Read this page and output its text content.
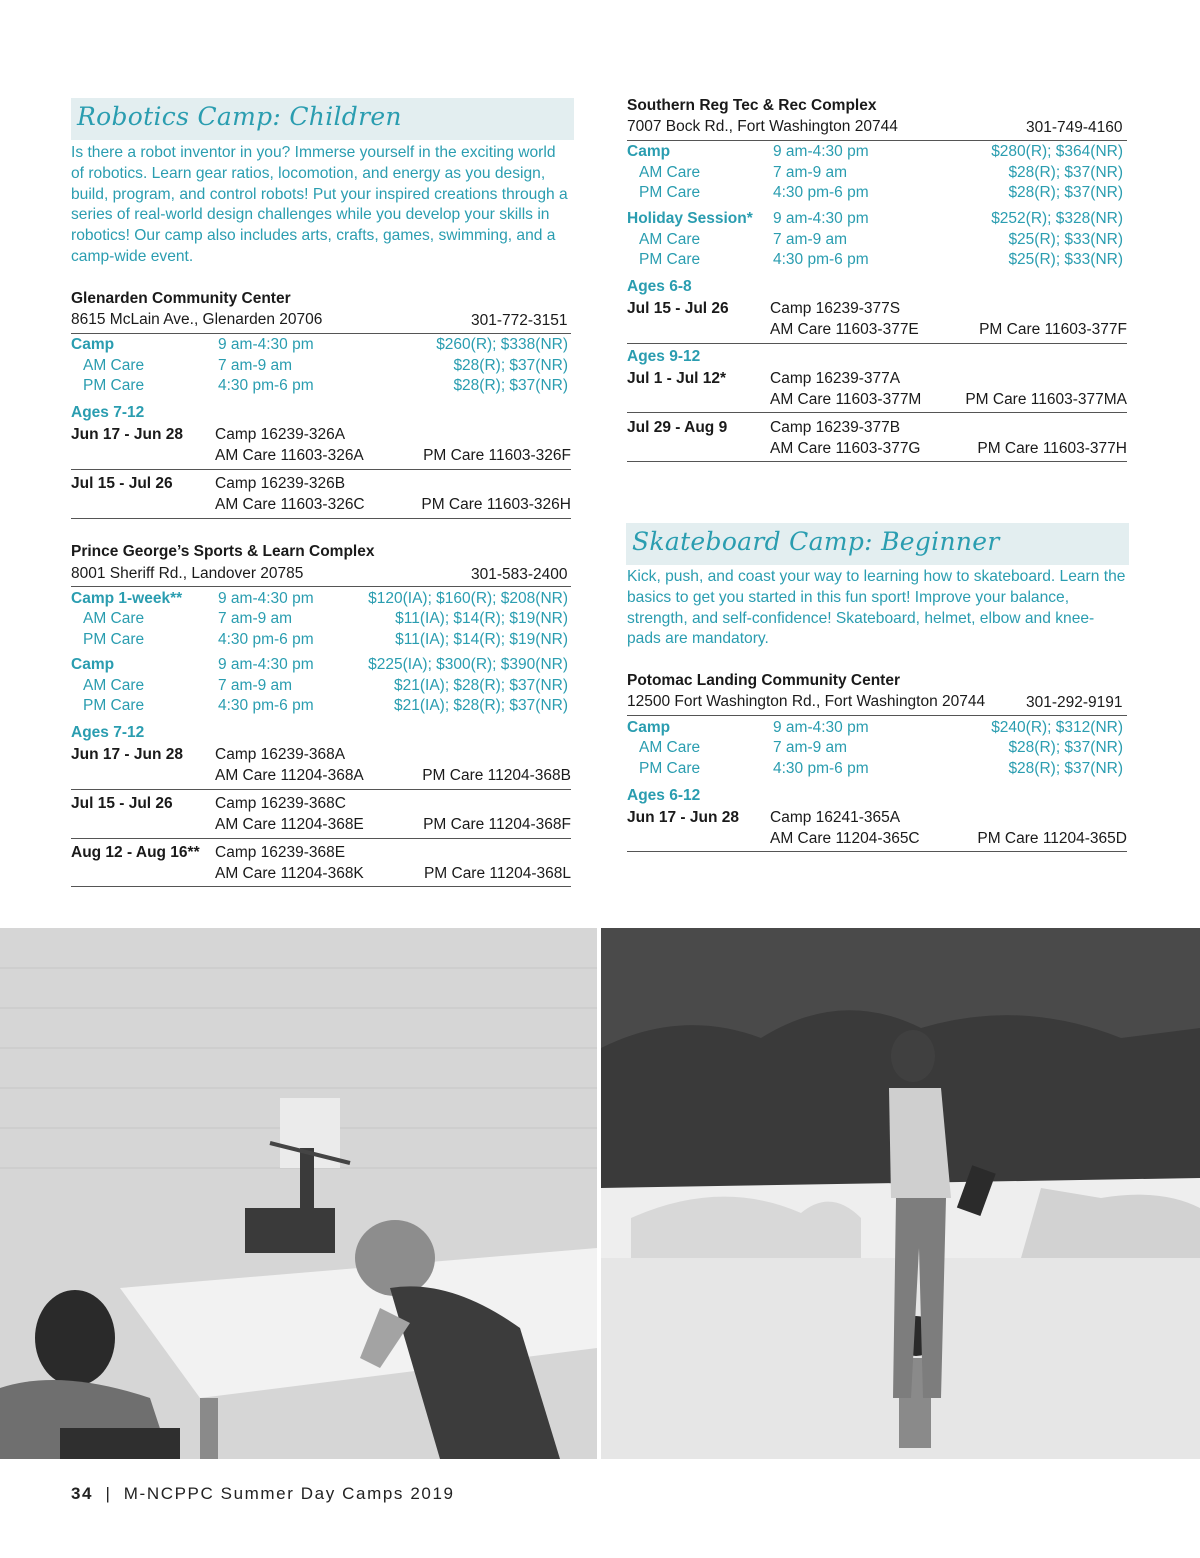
Robotics Camp: Children
Is there a robot inventor in you? Immerse yourself in the exciting world of robotics. Learn gear ratios, locomotion, and energy as you design, build, program, and control robots! Put your inspired creations through a series of real-world design challenges while you develop your skills in robotics! Our camp also includes arts, crafts, games, swimming, and a camp-wide event.
Glenarden Community Center
8615 McLain Ave., Glenarden 20706	301-772-3151
Camp	9 am-4:30 pm	$260(R); $338(NR)
AM Care	7 am-9 am	$28(R); $37(NR)
PM Care	4:30 pm-6 pm	$28(R); $37(NR)
Ages 7-12
Jun 17 - Jun 28 Camp 16239-326A
AM Care 11603-326A	PM Care 11603-326F
Jul 15 - Jul 26	Camp 16239-326B
AM Care 11603-326C	PM Care 11603-326H
Prince George’s Sports & Learn Complex
8001 Sheriff Rd., Landover 20785	301-583-2400
Camp 1-week** 9 am-4:30 pm	$120(IA); $160(R); $208(NR)
AM Care	7 am-9 am	$11(IA); $14(R); $19(NR)
PM Care	4:30 pm-6 pm	$11(IA); $14(R); $19(NR)
Camp	9 am-4:30 pm	$225(IA); $300(R); $390(NR)
AM Care	7 am-9 am	$21(IA); $28(R); $37(NR)
PM Care	4:30 pm-6 pm	$21(IA); $28(R); $37(NR)
Ages 7-12
Jun 17 - Jun 28 Camp 16239-368A
AM Care 11204-368A	PM Care 11204-368B
Jul 15 - Jul 26	Camp 16239-368C
AM Care 11204-368E	PM Care 11204-368F
Aug 12 - Aug 16** Camp 16239-368E
AM Care 11204-368K	PM Care 11204-368L
Southern Reg Tec & Rec Complex
7007 Bock Rd., Fort Washington 20744	301-749-4160
Camp	9 am-4:30 pm	$280(R); $364(NR)
AM Care	7 am-9 am	$28(R); $37(NR)
PM Care	4:30 pm-6 pm	$28(R); $37(NR)
Holiday Session* 9 am-4:30 pm	$252(R); $328(NR)
AM Care	7 am-9 am	$25(R); $33(NR)
PM Care	4:30 pm-6 pm	$25(R); $33(NR)
Ages 6-8
Jul 15 - Jul 26	Camp 16239-377S
AM Care 11603-377E	PM Care 11603-377F
Ages 9-12
Jul 1 - Jul 12*	Camp 16239-377A
AM Care 11603-377M	PM Care 11603-377MA
Jul 29 - Aug 9	Camp 16239-377B
AM Care 11603-377G	PM Care 11603-377H
Skateboard Camp: Beginner
Kick, push, and coast your way to learning how to skateboard. Learn the basics to get you started in this fun sport! Improve your balance, strength, and self-confidence! Skateboard, helmet, elbow and knee-pads are mandatory.
Potomac Landing Community Center
12500 Fort Washington Rd., Fort Washington 20744	301-292-9191
Camp	9 am-4:30 pm	$240(R); $312(NR)
AM Care	7 am-9 am	$28(R); $37(NR)
PM Care	4:30 pm-6 pm	$28(R); $37(NR)
Ages 6-12
Jun 17 - Jun 28 Camp 16241-365A
AM Care 11204-365C	PM Care 11204-365D
34 | M-NCPPC Summer Day Camps 2019
